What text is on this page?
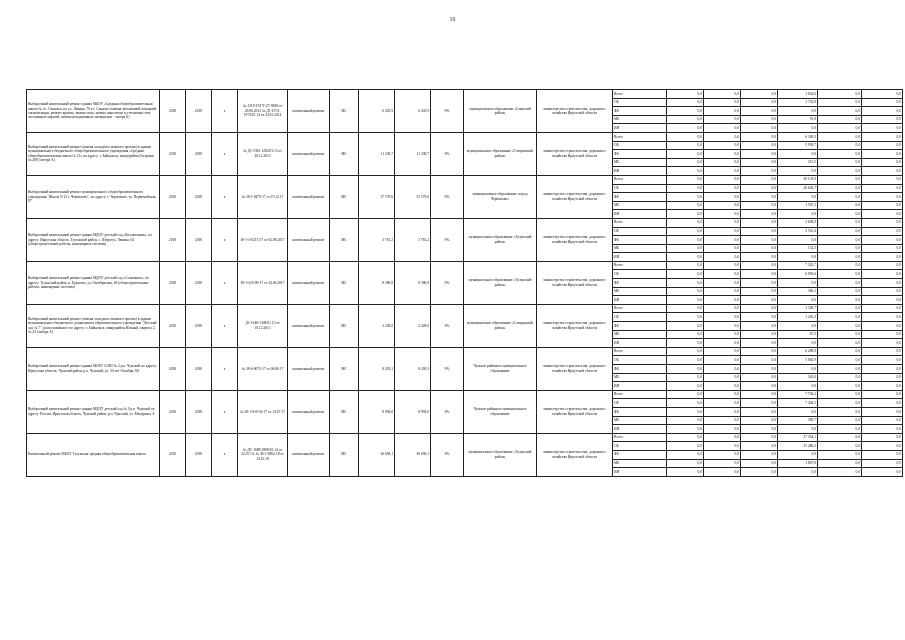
16
Выборочный капитальный ремонт здания МБОУ «Средняя общеобразовательная школа № 4 г. Саянска» по ул. Ленина, 70 в г. Саянске (замена автономной пожарной сигнализации, ремонт кровли, замена окон, замена линолеума и утепления стен-лестничных маршей, замена неподвижных материалов - литера Б)	2018	2018	x	№ 1319-15/ГТ-27-3908 от 20.06.2012 № Д1-1574-1974/01.14 от 24.01.2014	капитальный ремонт	МС	6 435,9	6 435,9	0%	муниципальное образование «Саянский район»	министерство строительства, дорожного хозяйства Иркутской области	Всего	0,0	0,0	0,0	1 834,6	0,0	0,0
												ОБ	0,0	0,0	0,0	1 742,8	0,0	0,0
												ФБ	0,0	0,0	0,0	0,0	0,0	0,0
												МБ	0,0	0,0	0,0	91,8	0,0	0,0
												ИИ	0,0	0,0	0,0	0,0	0,0	0,0
Выборочный капитальный ремонт (замена холодного межвого проема) в здании муниципального бюджетного общеобразовательного учреждения «Средняя общеобразовательная школа № 12» по адресу: г. Байкальск, микрорайон Гагарина, № 208 (литера А)	2018	2018	x	№ Д1-1392-1282/01.13 от 20.12.2013	капитальный ремонт	МС	11 338,7	11 338,7	0%	муниципальное образование «Слюдянский район»	министерство строительства, дорожного хозяйства Иркутской области	Всего	0,0	0,0	0,0	6 309,3	0,0	0,0
												ОБ	0,0	0,0	0,0	5 993,7	0,0	0,0
												ФБ	0,0	0,0	0,0	0,0	0,0	0,0
												МБ	0,0	0,0	0,0	315,5	0,0	0,0
												ИИ	0,0	0,0	0,0	0,0	0,0	0,0
Выборочный капитальный ремонт муниципального общеобразовательного учреждения "Школа N 21 г. Черемхово", по адресу: г. Черемхово, ул. Первомайская, 87	2018	2018	x	№ 38-1-0479-17 от 19.12.17	капитальный ремонт	МС	37 579,6	33 579,6	0%	муниципальное образование «город Черемхово»	министерство строительства, дорожного хозяйства Иркутской области	Всего	0,0	0,0	0,0	30 143,9	0,0	0,0
												ОБ	0,0	0,0	0,0	28 636,7	0,0	0,0
												ФБ	0,0	0,0	0,0	0,0	0,0	0,0
												МБ	0,0	0,0	0,0	1 507,2	0,0	0,0
												ИИ	0,0	0,0	0,0	0,0	0,0	0,0
Выборочный капитальный ремонт здания МДОУ детский сад «Колокольчик», по адресу: Иркутская область, Тулунский район, с. Шерагул, Ленина, 62 (общестроительные работы, инженерные системы)	2018	2018	x	38-1-4-0213-17 от 02.08.2017	капитальный ремонт	МС	3 761,2	3 761,2	0%	муниципальное образование «Тулунский район»	министерство строительства, дорожного хозяйства Иркутской области	Всего	0,0	0,0	0,0	2 648,9	0,0	0,0
												ОБ	0,0	0,0	0,0	2 516,4	0,0	0,0
												ФБ	0,0	0,0	0,0	0,0	0,0	0,0
												МБ	0,0	0,0	0,0	132,5	0,0	0,0
												ИИ	0,0	0,0	0,0	0,0	0,0	0,0
Выборочный капитальный ремонт здания МДОУ детский сад «Солнышко», по адресу: Тулунский район, п. Будагово, ул. Октябрьская, 28 (общестроительные работы, инженерные системы)	2018	2018	x	38-1-4-0100-17 от 24.06.2017	капитальный ремонт	МС	8 386,8	8 386,8	0%	муниципальное образование «Тулунский район»	министерство строительства, дорожного хозяйства Иркутской области	Всего	0,0	0,0	0,0	7 322,7	0,0	0,0
												ОБ	0,0	0,0	0,0	6 956,6	0,0	0,0
												ФБ	0,0	0,0	0,0	0,0	0,0	0,0
												МБ	0,0	0,0	0,0	366,1	0,0	0,0
												ИИ	0,0	0,0	0,0	0,0	0,0	0,0
Выборочный капитальный ремонт (замена холодного межвого проема) в здании муниципального бюджетного дошкольного образовательного учреждения "Детский сад № 7", расположенного по адресу: г. Байкальск, микрорайон Южный, квартал 2, № 43 (литера А)	2018	2018	x	Д1-1348-1348/01.13 от 10.12.2013	капитальный ремонт	МС	2 228,0	2 228,0	0%	муниципальное образование «Слюдянский район»	министерство строительства, дорожного хозяйства Иркутской области	Всего	0,0	0,0	0,0	1 348,7	0,0	0,0
												ОБ	0,0	0,0	0,0	1 281,2	0,0	0,0
												ФБ	0,0	0,0	0,0	0,0	0,0	0,0
												МБ	0,0	0,0	0,0	67,5	0,0	0,0
												ИИ	0,0	0,0	0,0	0,0	0,0	0,0
Выборочный капитальный ремонт здания МОБУ СОШ № 2 р.п. Чунский по адресу: Иркутская область, Чунский район, р.п. Чунский, ул. 50 лет Октября, 8А	2018	2018	x	№ 38-6-0073-17 от 06.06.17	капитальный ремонт	МС	8 203,3	8 203,3	0%	Чунское районное муниципальное образование	министерство строительства, дорожного хозяйства Иркутской области	Всего	0,0	0,0	0,0	6 288,9	0,0	0,0
												ОБ	0,0	0,0	0,0	5 945,9	0,0	0,0
												ФБ	0,0	0,0	0,0	0,0	0,0	0,0
												МБ	0,0	0,0	0,0	343,0	0,0	0,0
												ИИ	0,0	0,0	0,0	0,0	0,0	0,0
Выборочный капитальный ремонт здания МДОУ детский сад № 9 р.п. Чунский по адресу: Россия, Иркутская область, Чунский район, р.п. Чунский, ул. Мичурина, 4	2018	2018	x	№ 38-1-6-0136-17 от 14.07.17	капитальный ремонт	МС	8 994,0	8 994,0	0%	Чунское районное муниципальное образование	министерство строительства, дорожного хозяйства Иркутской области	Всего	0,0	0,0	0,0	7 794,2	0,0	0,0
												ОБ	0,0	0,0	0,0	7 404,5	0,0	0,0
												ФБ	0,0	0,0	0,0	0,0	0,0	0,0
												МБ	0,0	0,0	0,0	389,7	0,0	0,0
												ИИ	0,0	0,0	0,0	0,0	0,0	0,0
Капитальный ремонт МБОУ Тулунская средняя общеобразовательная школа	2018	2018	x	№ ДС-1688-1888/01.14 от 22.10.14, № 38-1-0862-18 от 14.10.18	капитальный ремонт	МС	36 658,1	36 658,1	0%	муниципальное образование «Тулунский район»	министерство строительства, дорожного хозяйства Иркутской области	Всего	0,0	0,0	0,0	37 354,1	0,0	0,0
												ОБ	0,0	0,0	0,0	35 486,3	0,0	0,0
												ФБ	0,0	0,0	0,0	0,0	0,0	0,0
												МБ	0,0	0,0	0,0	1 867,8	0,0	0,0
												ИИ	0,0	0,0	0,0	0,0	0,0	0,0
